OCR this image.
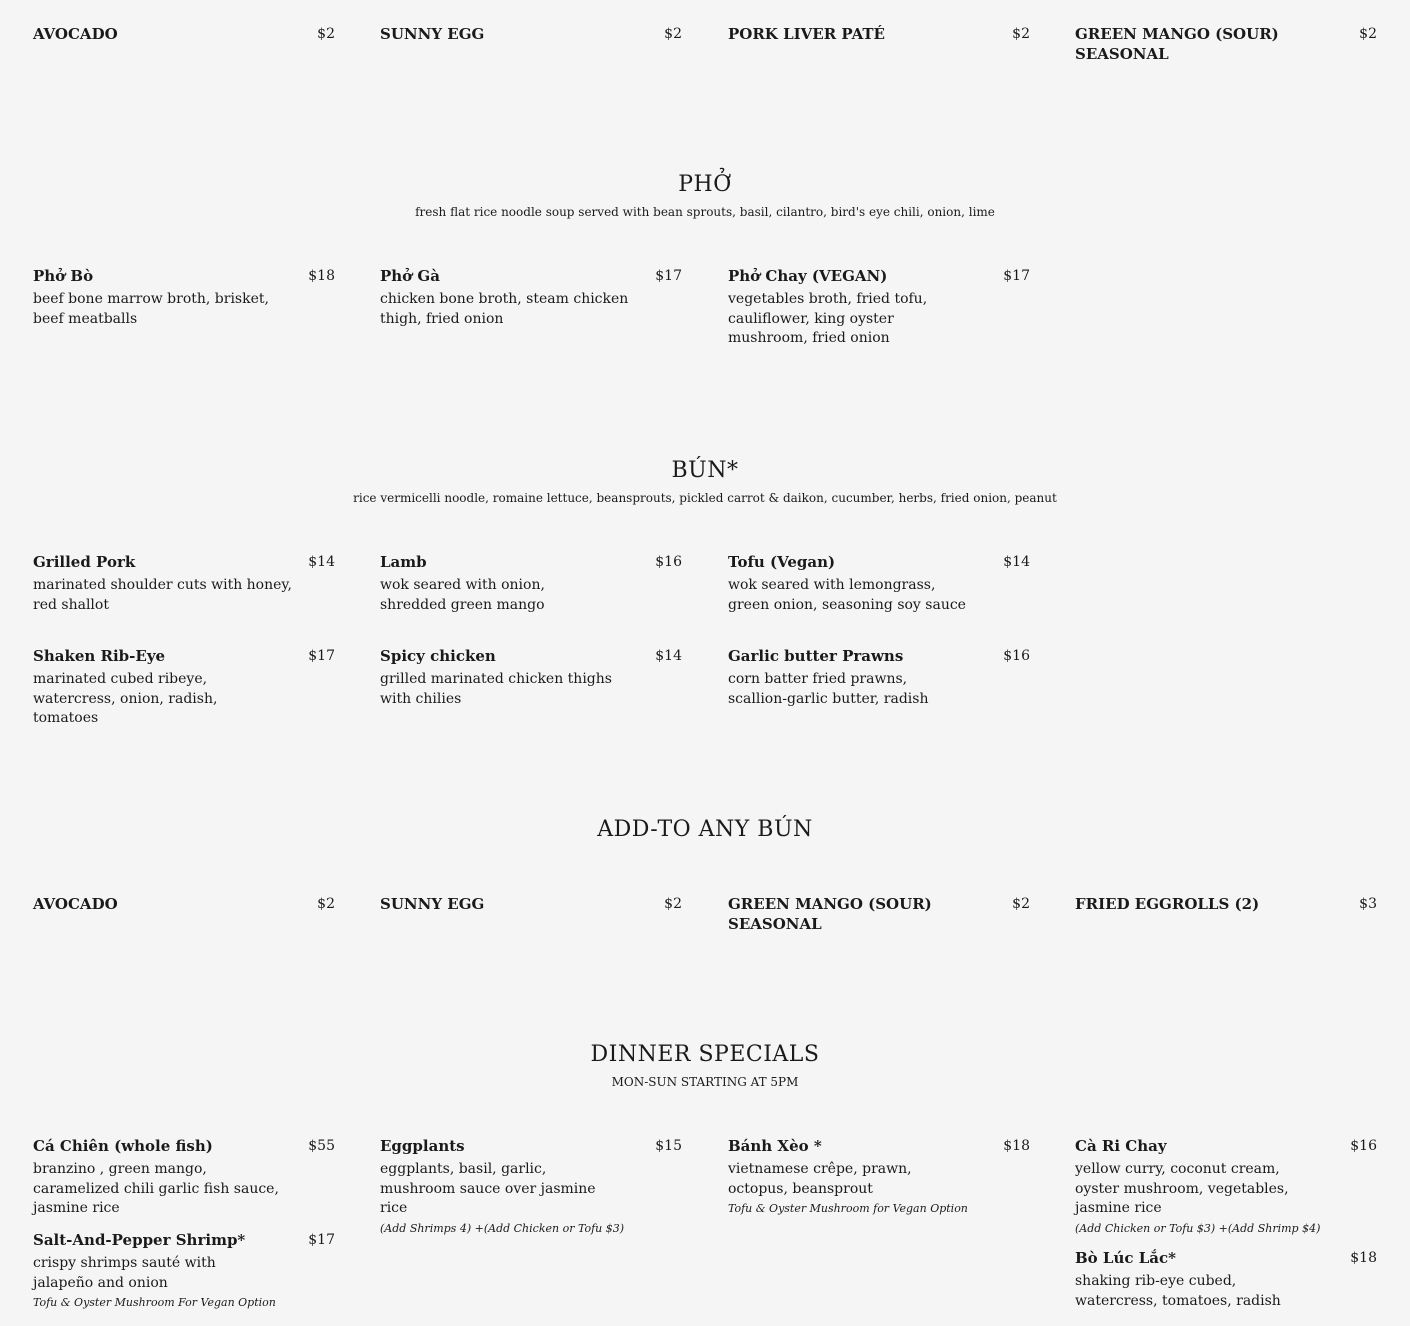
AVOCADO	$2	SUNNY EGG	$2	PORK LIVER PATÉ	$2	GREEN MANGO (SOUR) SEASONAL
$2
PHỞ
fresh flat rice noodle soup served with bean sprouts, basil, cilantro, bird's eye chili, onion, lime
Phở Bò	$18
beef bone marrow broth, brisket, beef meatballs
Phở Gà	$17
chicken bone broth, steam chicken thigh, fried onion
Phở Chay (VEGAN)	$17
vegetables broth, fried tofu, cauliflower, king oyster mushroom, fried onion
BÚN*
rice vermicelli noodle, romaine lettuce, beansprouts, pickled carrot & daikon, cucumber, herbs, fried onion, peanut
Grilled Pork	$14
marinated shoulder cuts with honey, red shallot
Lamb	$16
wok seared with onion, shredded green mango
Tofu (Vegan)	$14
wok seared with lemongrass, green onion, seasoning soy sauce
Shaken Rib-Eye	$17
marinated cubed ribeye, watercress, onion, radish, tomatoes
Spicy chicken	$14
grilled marinated chicken thighs with chilies
Garlic butter Prawns	$16
corn batter fried prawns, scallion-garlic butter, radish
ADD-TO ANY BÚN
AVOCADO	$2	SUNNY EGG	$2	GREEN MANGO (SOUR) SEASONAL
$2	FRIED EGGROLLS (2)	$3
DINNER SPECIALS
MON-SUN STARTING AT 5PM
Cá Chiên (whole fish)	$55
branzino , green mango, caramelized chili garlic fish sauce, jasmine rice
Eggplants	$15
eggplants, basil, garlic, mushroom sauce over jasmine rice
(Add Shrimps 4) +(Add Chicken or Tofu $3)
Bánh Xèo *	$18
vietnamese crêpe, prawn, octopus, beansprout
Tofu & Oyster Mushroom for Vegan Option
Cà Ri Chay	$16
yellow curry, coconut cream, oyster mushroom, vegetables, jasmine rice
(Add Chicken or Tofu $3) +(Add Shrimp $4)
Salt-And-Pepper Shrimp*	$17
crispy shrimps sauté with jalapeño and onion
Tofu & Oyster Mushroom For Vegan Option
Bò Lúc Lắc*	$18
shaking rib-eye cubed, watercress, tomatoes, radish
